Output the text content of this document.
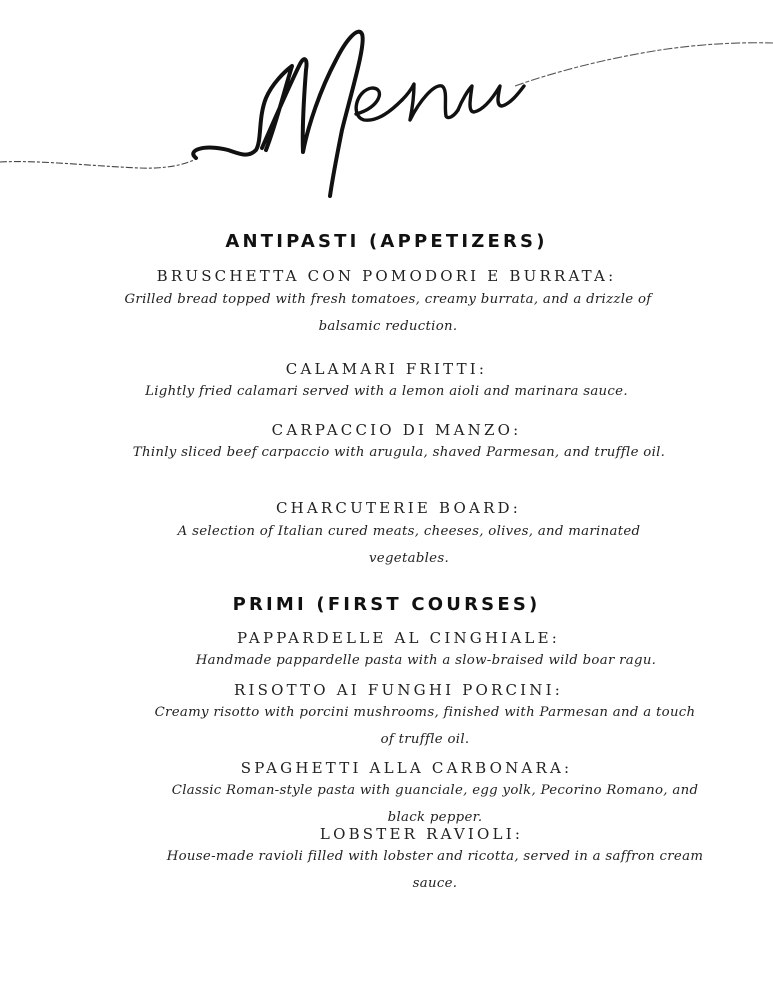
ANTIPASTI (APPETIZERS)
BRUSCHETTA CON POMODORI E BURRATA:
Grilled bread topped with fresh tomatoes, creamy burrata, and a drizzle of balsamic reduction.
CALAMARI FRITTI:
Lightly fried calamari served with a lemon aioli and marinara sauce.
CARPACCIO DI MANZO:
Thinly sliced beef carpaccio with arugula, shaved Parmesan, and truffle oil.
CHARCUTERIE BOARD:
A selection of Italian cured meats, cheeses, olives, and marinated vegetables.
PRIMI (FIRST COURSES)
PAPPARDELLE AL CINGHIALE:
Handmade pappardelle pasta with a slow-braised wild boar ragu.
RISOTTO AI FUNGHI PORCINI:
Creamy risotto with porcini mushrooms, finished with Parmesan and a touch of truffle oil.
SPAGHETTI ALLA CARBONARA:
Classic Roman-style pasta with guanciale, egg yolk, Pecorino Romano, and black pepper.
LOBSTER RAVIOLI:
House-made ravioli filled with lobster and ricotta, served in a saffron cream sauce.
